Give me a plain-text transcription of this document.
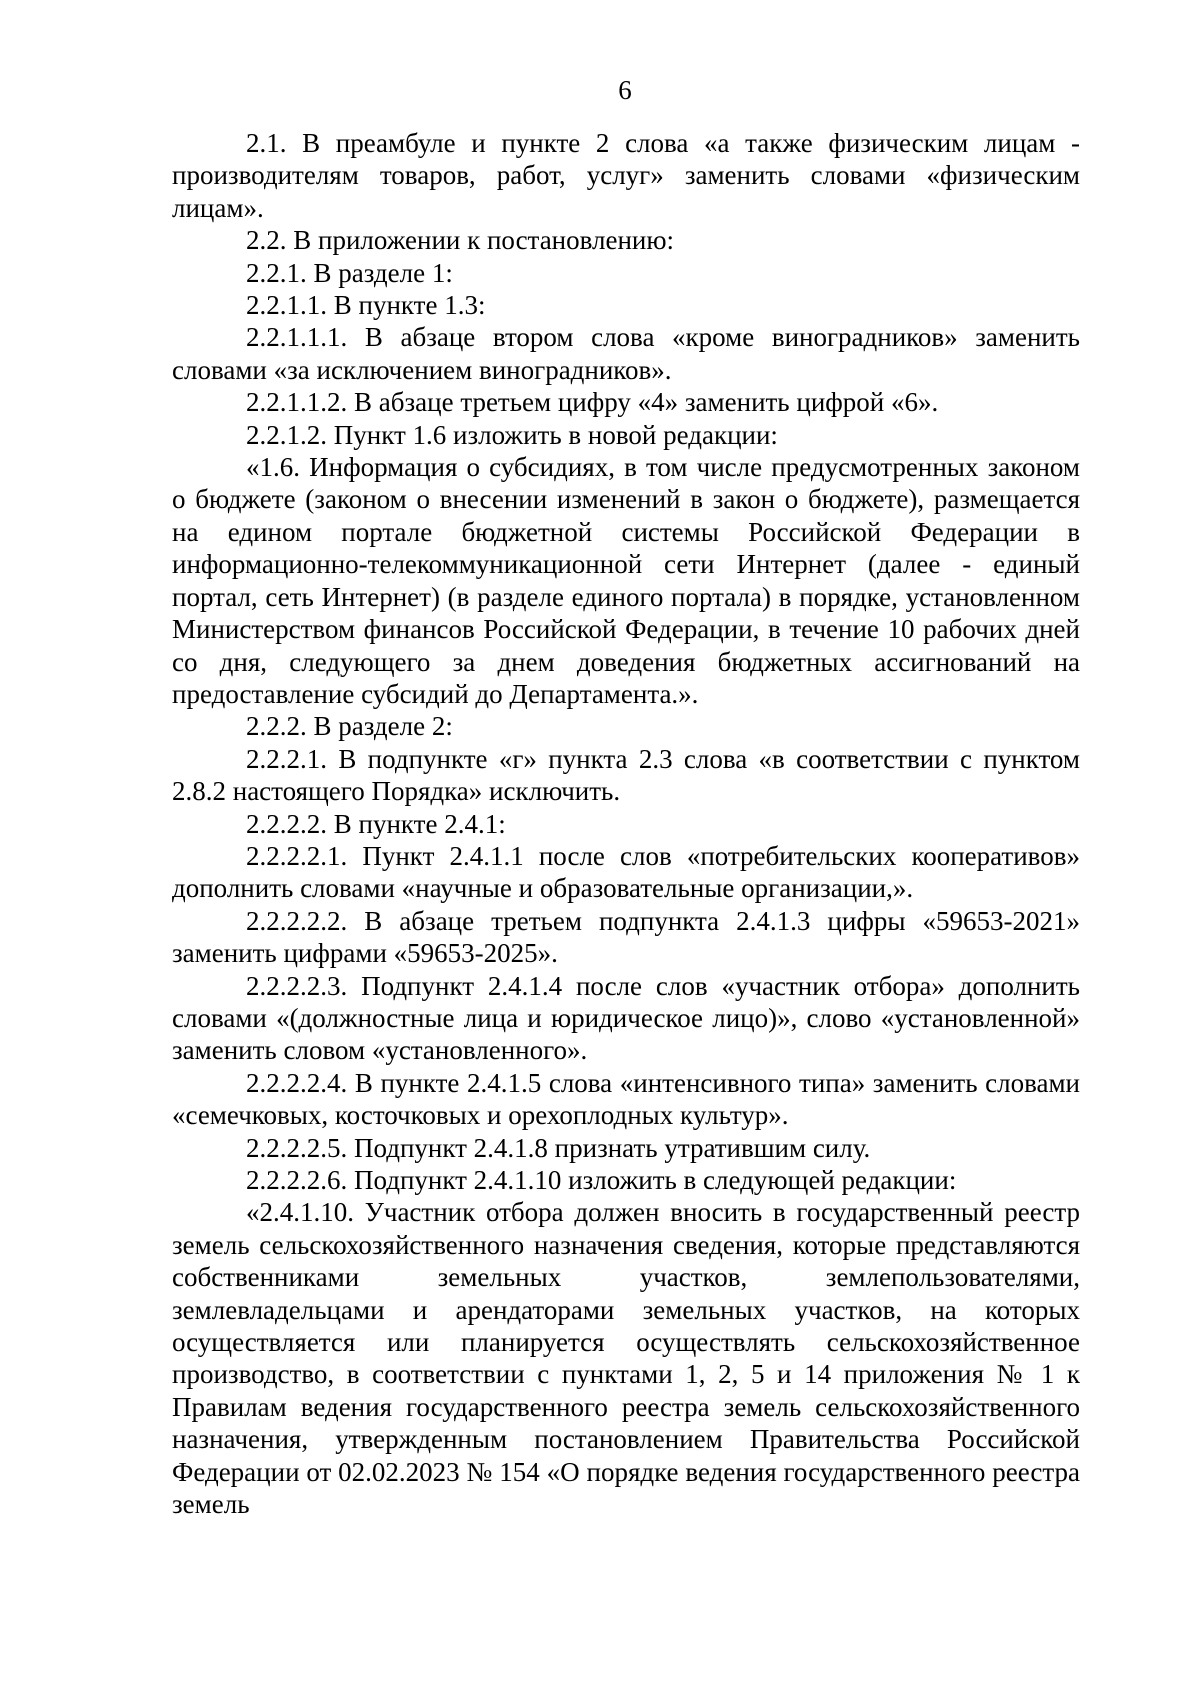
6

2.1. В преамбуле и пункте 2 слова «а также физическим лицам - производителям товаров, работ, услуг» заменить словами «физическим лицам».

2.2. В приложении к постановлению:

2.2.1. В разделе 1:

2.2.1.1. В пункте 1.3:

2.2.1.1.1. В абзаце втором слова «кроме виноградников» заменить словами «за исключением виноградников».

2.2.1.1.2. В абзаце третьем цифру «4» заменить цифрой «6».

2.2.1.2. Пункт 1.6 изложить в новой редакции:

«1.6. Информация о субсидиях, в том числе предусмотренных законом о бюджете (законом о внесении изменений в закон о бюджете), размещается на едином портале бюджетной системы Российской Федерации в информационно-телекоммуникационной сети Интернет (далее - единый портал, сеть Интернет) (в разделе единого портала) в порядке, установленном Министерством финансов Российской Федерации, в течение 10 рабочих дней со дня, следующего за днем доведения бюджетных ассигнований на предоставление субсидий до Департамента.».

2.2.2. В разделе 2:

2.2.2.1. В подпункте «г» пункта 2.3 слова «в соответствии с пунктом 2.8.2 настоящего Порядка» исключить.

2.2.2.2. В пункте 2.4.1:

2.2.2.2.1. Пункт 2.4.1.1 после слов «потребительских кооперативов» дополнить словами «научные и образовательные организации,».

2.2.2.2.2. В абзаце третьем подпункта 2.4.1.3 цифры «59653-2021» заменить цифрами «59653-2025».

2.2.2.2.3. Подпункт 2.4.1.4 после слов «участник отбора» дополнить словами «(должностные лица и юридическое лицо)», слово «установленной» заменить словом «установленного».

2.2.2.2.4. В пункте 2.4.1.5 слова «интенсивного типа» заменить словами «семечковых, косточковых и орехоплодных культур».

2.2.2.2.5. Подпункт 2.4.1.8 признать утратившим силу.

2.2.2.2.6. Подпункт 2.4.1.10 изложить в следующей редакции:

«2.4.1.10. Участник отбора должен вносить в государственный реестр земель сельскохозяйственного назначения сведения, которые представляются собственниками земельных участков, землепользователями, землевладельцами и арендаторами земельных участков, на которых осуществляется или планируется осуществлять сельскохозяйственное производство, в соответствии с пунктами 1, 2, 5 и 14 приложения № 1 к Правилам ведения государственного реестра земель сельскохозяйственного назначения, утвержденным постановлением Правительства Российской Федерации от 02.02.2023 № 154 «О порядке ведения государственного реестра земель
